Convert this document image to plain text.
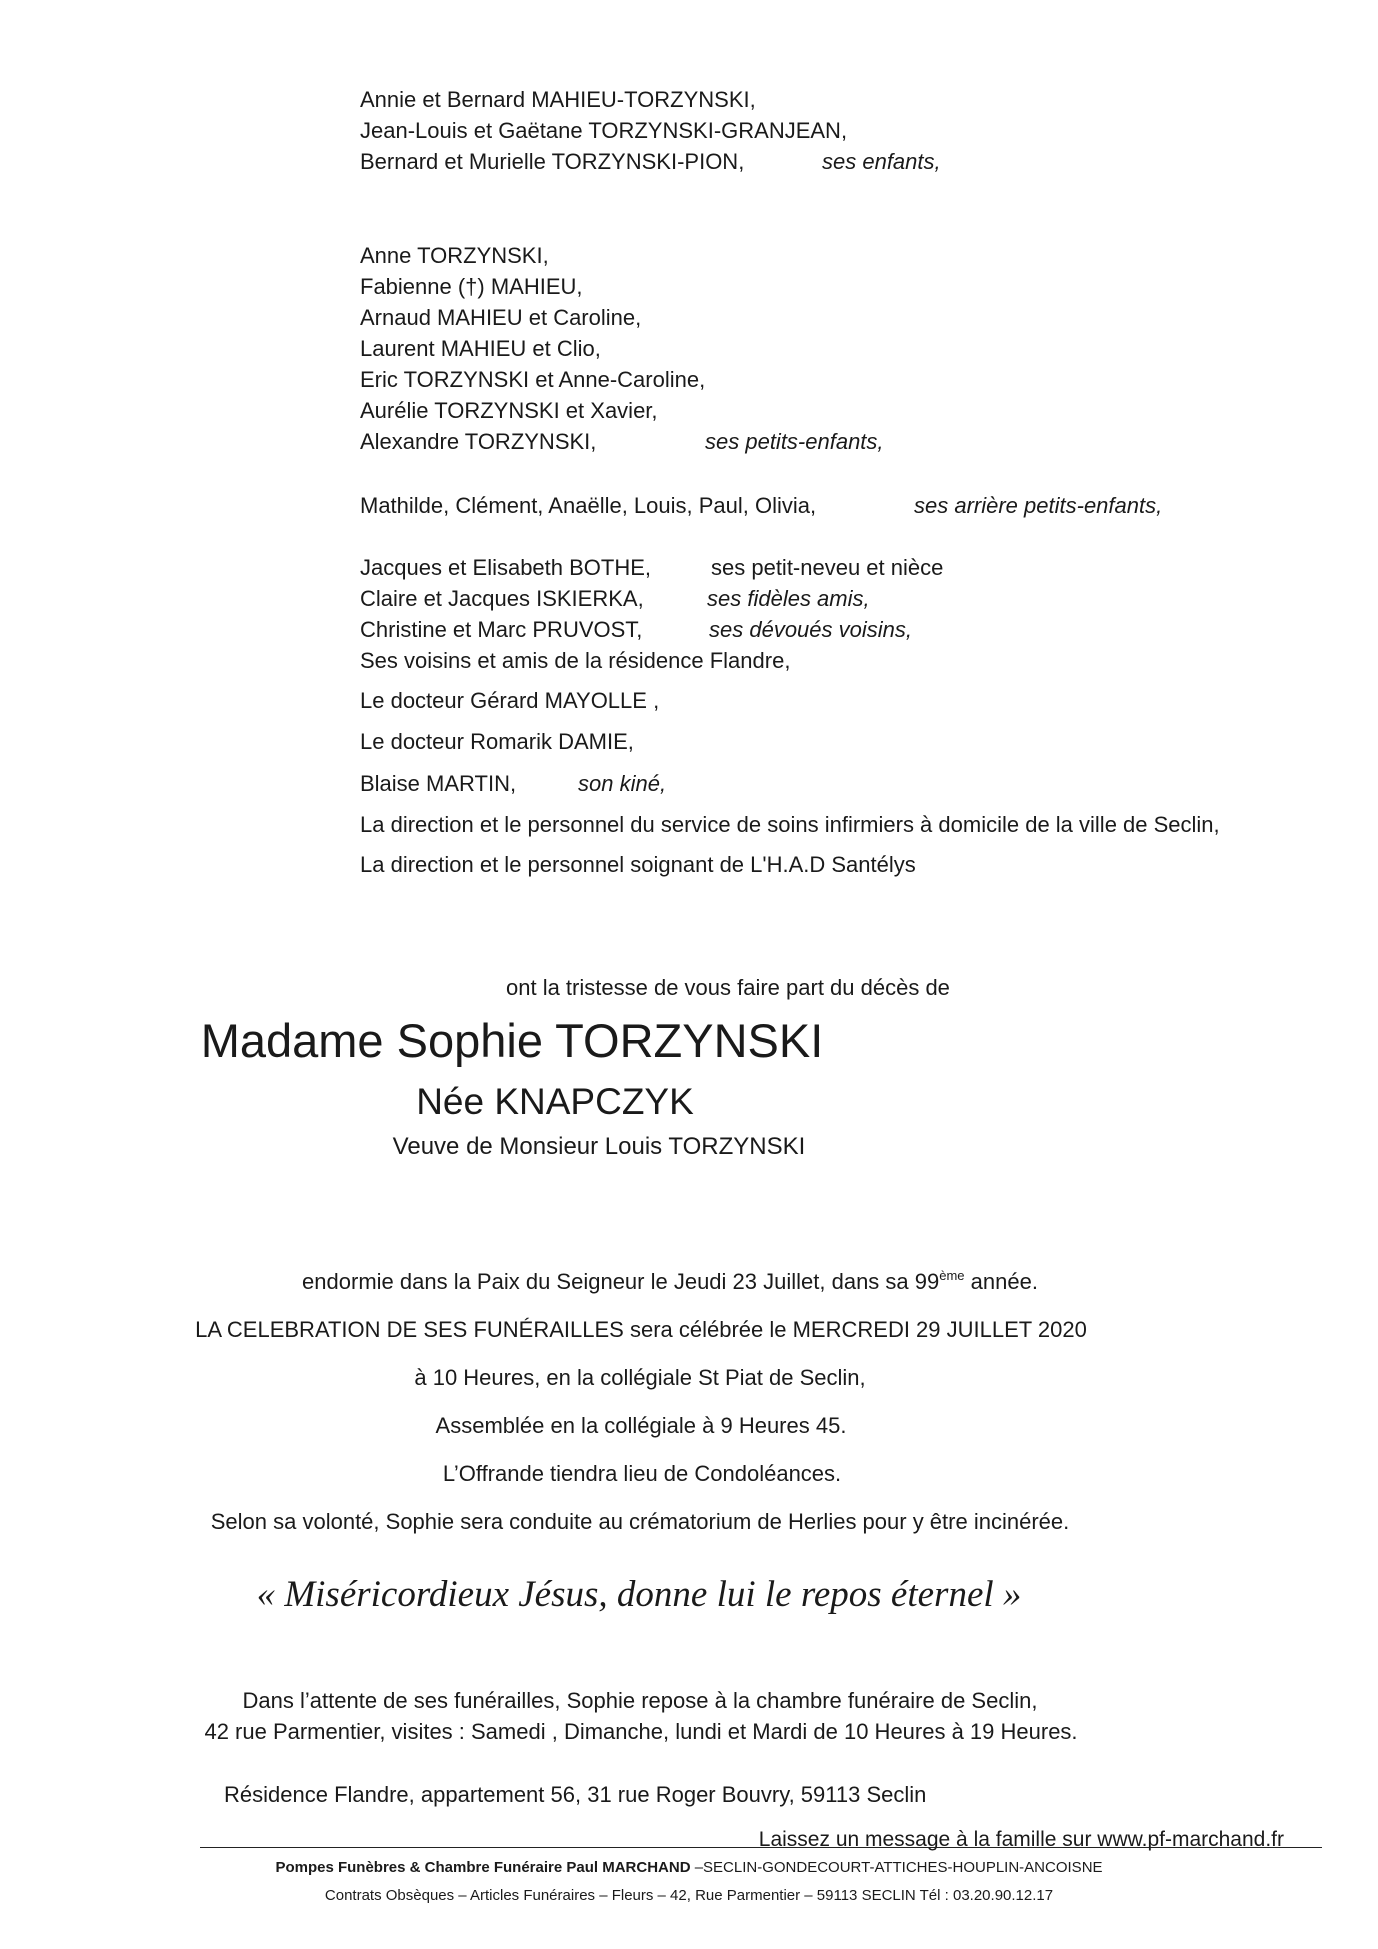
Annie et Bernard MAHIEU-TORZYNSKI,
Jean-Louis et Gaëtane TORZYNSKI-GRANJEAN,
Bernard et Murielle TORZYNSKI-PION,	ses enfants,
Anne TORZYNSKI,
Fabienne (†) MAHIEU,
Arnaud MAHIEU et Caroline,
Laurent MAHIEU et Clio,
Eric TORZYNSKI et Anne-Caroline,
Aurélie TORZYNSKI et Xavier,
Alexandre TORZYNSKI,	ses petits-enfants,
Mathilde, Clément, Anaëlle, Louis, Paul, Olivia,	ses arrière petits-enfants,
Jacques et Elisabeth BOTHE,	ses petit-neveu et nièce
Claire et Jacques ISKIERKA,	ses fidèles amis,
Christine et Marc PRUVOST,	ses dévoués voisins,
Ses voisins et amis de la résidence Flandre,
Le docteur Gérard MAYOLLE ,
Le docteur Romarik DAMIE,
Blaise MARTIN,	son kiné,
La direction et le personnel du service de soins infirmiers à domicile de la ville de Seclin,
La direction et le personnel soignant de L'H.A.D Santélys
ont la tristesse de vous faire part du décès de
Madame Sophie TORZYNSKI
Née KNAPCZYK
Veuve de Monsieur Louis TORZYNSKI
endormie dans la Paix du Seigneur le Jeudi 23 Juillet, dans sa 99ème année.
LA CELEBRATION DE SES FUNÉRAILLES sera célébrée le MERCREDI 29 JUILLET 2020
à 10 Heures, en la collégiale St Piat de Seclin,
Assemblée en la collégiale à 9 Heures 45.
L’Offrande tiendra lieu de Condoléances.
Selon sa volonté, Sophie sera conduite au crématorium de Herlies pour y être incinérée.
« Miséricordieux Jésus, donne lui le repos éternel »
Dans l’attente de ses funérailles, Sophie repose à la chambre funéraire de Seclin,
42 rue Parmentier, visites : Samedi , Dimanche, lundi et Mardi de 10 Heures à 19 Heures.
Résidence Flandre, appartement 56, 31 rue Roger Bouvry, 59113 Seclin
Laissez un message à la famille sur www.pf-marchand.fr
Pompes Funèbres & Chambre Funéraire Paul MARCHAND –SECLIN-GONDECOURT-ATTICHES-HOUPLIN-ANCOISNE
Contrats Obsèques – Articles Funéraires – Fleurs – 42, Rue Parmentier – 59113 SECLIN Tél : 03.20.90.12.17
